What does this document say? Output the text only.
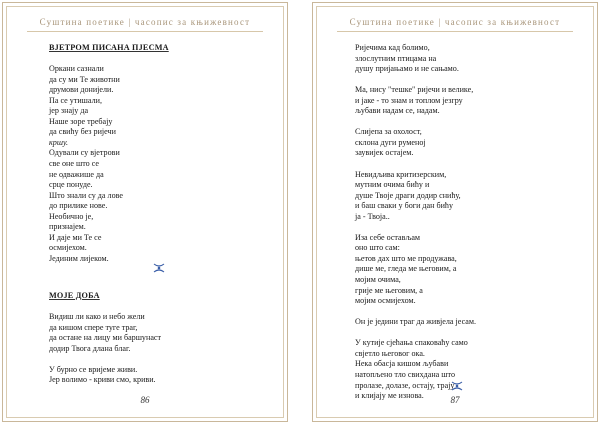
Суштина поетике | часопис за књижевност
ВЈЕТРОМ ПИСАНА ПЈЕСМА
Оркани сазнали
да су ми Те животни
друмови донијели.
Па се утишали,
јер знају да
Наше зоре требају
да свићу без ријечи
кршу.
Одували су вјетрови
све оне што се
не одважише да
срце понуде.
Што знали су да лове
до прилике нове.
Необично је,
признајем.
И даје ми Те се
осмијехом.
Јединим лијеком.
МОЈЕ ДОБА
Видиш ли како и небо жели
да кишом спере туге траг,
да остане на лицу ми баршунаст
додир Твога длана благ.
У бурно се вријеме живи.
Јер волимо - криви смо, криви.
86
Суштина поетике | часопис за књижевност
Ријечима кад болимо,
злослутним птицама на
душу пријањамо и не сањамо.
Ма, нису "тешке" ријечи и велике,
и јаке - то знам и топлом језгру
љубави надам се, надам.
Слијепа за охолост,
склона дуги руменој
заувијек остајем.
Невидљива критизерским,
мутним очима бићу и
душе Твоје драги додир снићу,
и баш сваки у боги дан бићу
ја - Твоја..
Иза себе остављам
оно што сам:
њетов дах што ме продужава,
дише ме, гледа ме његовим, а
мојим очима,
грије ме његовим, а
мојим осмијехом.
Он је једини траг да живјела јесам.
У кутије сјећања спаковаћу само
свјетло његовог ока.
Нека обасја кишом љубави
натопљено тло свихдана што
пролазе, долазе, остају, трају
и клијају ме изнова.	87
